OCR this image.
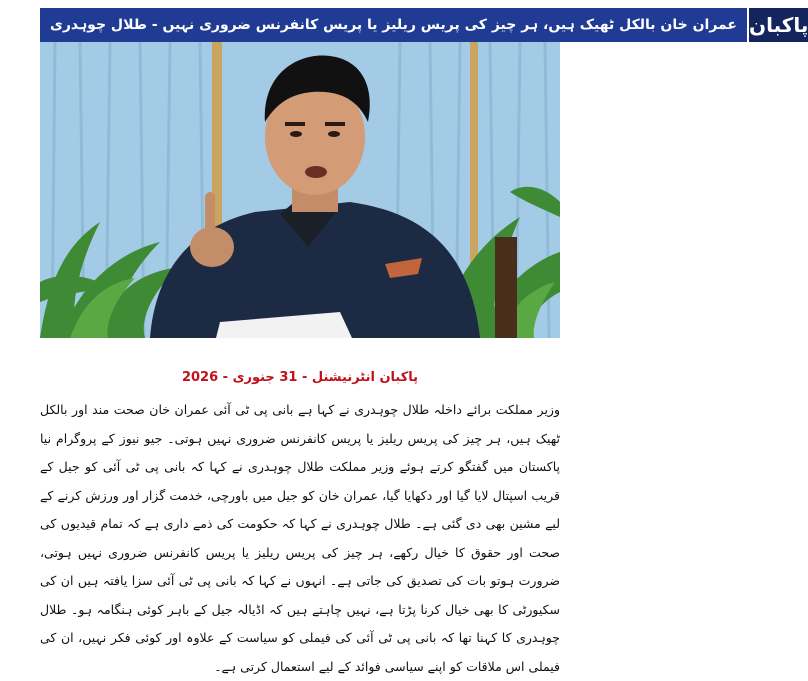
عمران خان بالکل ٹھیک ہیں، ہر چیز کی پریس ریلیز یا پریس کانفرنس ضروری نہیں - طلال چوہدری پاکبان
پاکبان انٹرنیشنل - 31 جنوری - 2026
وزیر مملکت برائے داخلہ طلال چوہدری نے کہا ہے بانی پی ٹی آئی عمران خان صحت مند اور بالکل ٹھیک ہیں، ہر چیز کی پریس ریلیز یا پریس کانفرنس ضروری نہیں ہوتی۔ جیو نیوز کے پروگرام نیا پاکستان میں گفتگو کرتے ہوئے وزیر مملکت طلال چوہدری نے کہا کہ بانی پی ٹی آئی کو جیل کے قریب اسپتال لایا گیا اور دکھایا گیا، عمران خان کو جیل میں باورچی، خدمت گزار اور ورزش کرنے کے لیے مشین بھی دی گئی ہے۔ طلال چوہدری نے کہا کہ حکومت کی ذمے داری ہے کہ تمام قیدیوں کی صحت اور حقوق کا خیال رکھے، ہر چیز کی پریس ریلیز یا پریس کانفرنس ضروری نہیں ہوتی، ضرورت ہوتو بات کی تصدیق کی جاتی ہے۔ انہوں نے کہا کہ بانی پی ٹی آئی سزا یافتہ ہیں ان کی سکیورٹی کا بھی خیال کرنا پڑتا ہے، نہیں چاہتے ہیں کہ اڈیالہ جیل کے باہر کوئی ہنگامہ ہو۔ طلال چوہدری کا کہنا تھا کہ بانی پی ٹی آئی کی فیملی کو سیاست کے علاوہ اور کوئی فکر نہیں، ان کی فیملی اس ملاقات کو اپنے سیاسی فوائد کے لیے استعمال کرتی ہے۔
